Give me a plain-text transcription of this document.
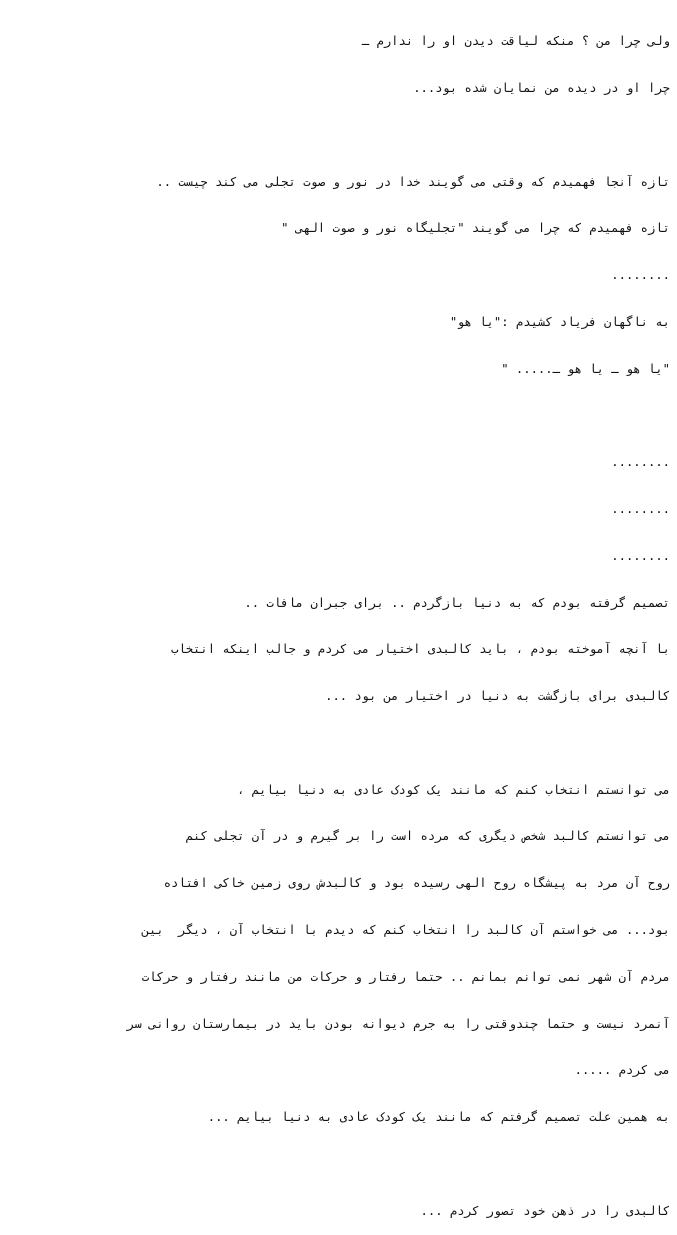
ولی چرا من ؟ منکه لیاقت دیدن او را ندارم ـ

چرا او در دیده من نمایان شده بود...

تازه آنجا فهمیدم که وقتی می گویند خدا در نور و صوت تجلی می کند چیست ..

تازه فهمیدم که چرا می گویند "تجلیگاه نور و صوت الهی "

........

به ناگهان فریاد کشیدم :"یا هو"

"یا هو ـ یا هو ـ..... "

........

........

........

تصمیم گرفته بودم که به دنیا بازگردم .. برای جبران مافات ..

با آنچه آموخته بودم ، باید کالبدی اختیار می کردم و جالب اینکه انتخاب

کالبدی برای بازگشت به دنیا در اختیار من بود ...

می توانستم انتخاب کنم که مانند یک کودک عادی به دنیا بیایم ،

می توانستم کالبد شخص دیگری که مرده است را بر گیرم و در آن تجلی کنم

روح آن مرد به پیشگاه روح الهی رسیده بود و کالبدش روی زمین خاکی افتاده

بود... می خواستم آن کالبد را انتخاب کنم که دیدم با انتخاب آن ، دیگر  بین

مردم آن شهر نمی توانم بمانم .. حتما رفتار و حرکات من مانند رفتار و حرکات

آنمرد نیست و حتما چندوقتی را به جرم دیوانه بودن باید در بیمارستان روانی سر

می کردم .....

به همین علت تصمیم گرفتم که مانند یک کودک عادی به دنیا بیایم ...

کالبدی را در ذهن خود تصور کردم ...
